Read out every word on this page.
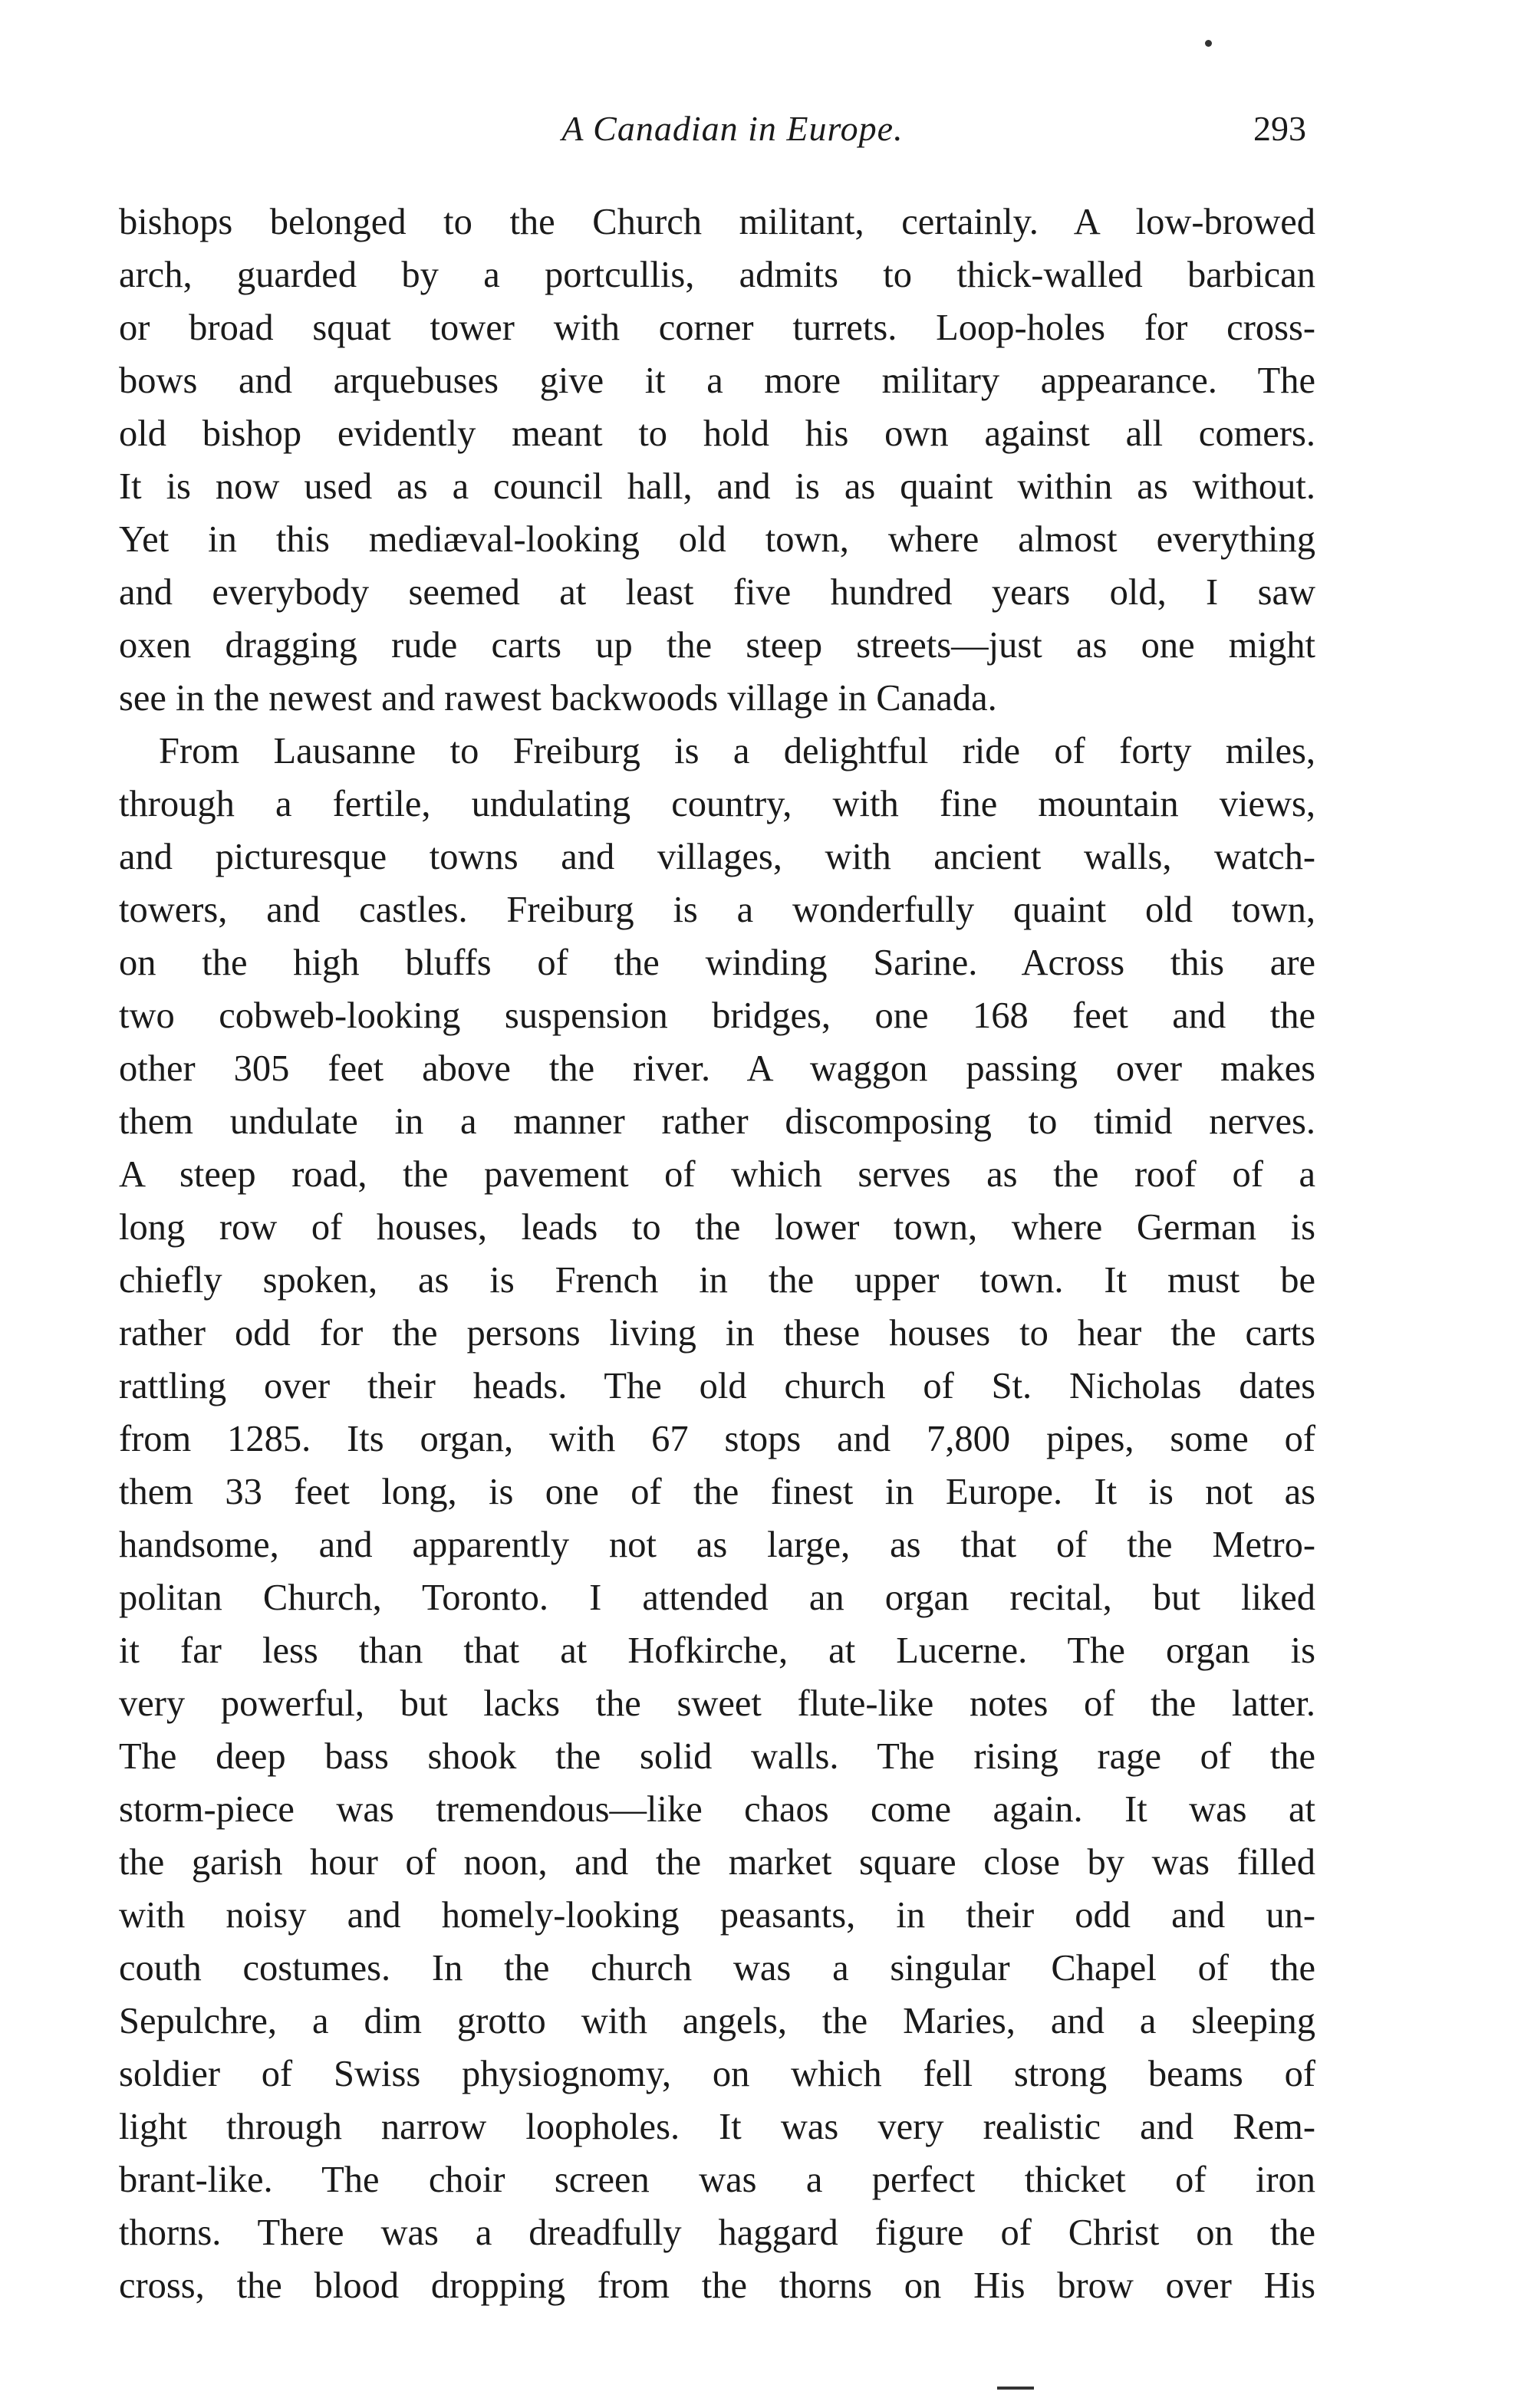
A Canadian in Europe.	293
bishops belonged to the Church militant, certainly. A low-browed
arch, guarded by a portcullis, admits to thick-walled barbican
or broad squat tower with corner turrets. Loop-holes for cross-
bows and arquebuses give it a more military appearance. The
old bishop evidently meant to hold his own against all comers.
It is now used as a council hall, and is as quaint within as without.
Yet in this mediæval-looking old town, where almost everything
and everybody seemed at least five hundred years old, I saw
oxen dragging rude carts up the steep streets—just as one might
see in the newest and rawest backwoods village in Canada.
From Lausanne to Freiburg is a delightful ride of forty miles,
through a fertile, undulating country, with fine mountain views,
and picturesque towns and villages, with ancient walls, watch-
towers, and castles. Freiburg is a wonderfully quaint old town,
on the high bluffs of the winding Sarine. Across this are
two cobweb-looking suspension bridges, one 168 feet and the
other 305 feet above the river. A waggon passing over makes
them undulate in a manner rather discomposing to timid nerves.
A steep road, the pavement of which serves as the roof of a
long row of houses, leads to the lower town, where German is
chiefly spoken, as is French in the upper town. It must be
rather odd for the persons living in these houses to hear the carts
rattling over their heads. The old church of St. Nicholas dates
from 1285. Its organ, with 67 stops and 7,800 pipes, some of
them 33 feet long, is one of the finest in Europe. It is not as
handsome, and apparently not as large, as that of the Metro-
politan Church, Toronto. I attended an organ recital, but liked
it far less than that at Hofkirche, at Lucerne. The organ is
very powerful, but lacks the sweet flute-like notes of the latter.
The deep bass shook the solid walls. The rising rage of the
storm-piece was tremendous—like chaos come again. It was at
the garish hour of noon, and the market square close by was filled
with noisy and homely-looking peasants, in their odd and un-
couth costumes. In the church was a singular Chapel of the
Sepulchre, a dim grotto with angels, the Maries, and a sleeping
soldier of Swiss physiognomy, on which fell strong beams of
light through narrow loopholes. It was very realistic and Rem-
brant-like. The choir screen was a perfect thicket of iron
thorns. There was a dreadfully haggard figure of Christ on the
cross, the blood dropping from the thorns on His brow over His
